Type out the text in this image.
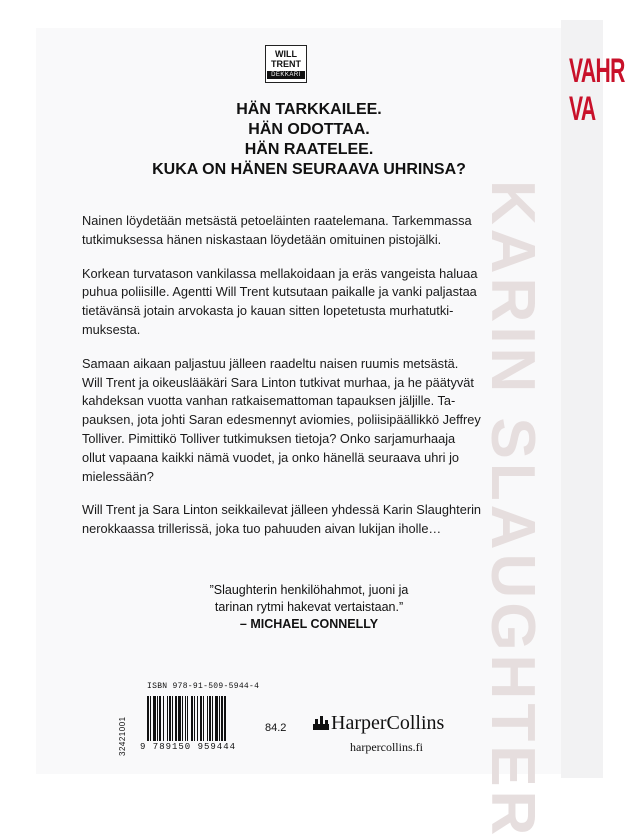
VAHR
VA
KARIN SLAUGHTER
WILL
TRENT
DEKKARI
HÄN TARKKAILEE.
HÄN ODOTTAA.
HÄN RAATELEE.
KUKA ON HÄNEN SEURAAVA UHRINSA?

Nainen löydetään metsästä petoeläinten raatelemana. Tarkemmassa tutkimuksessa hänen niskastaan löydetään omituinen pistojälki.

Korkean turvatason vankilassa mellakoidaan ja eräs vangeista haluaa puhua poliisille. Agentti Will Trent kutsutaan paikalle ja vanki paljastaa tietävänsä jotain arvokasta jo kauan sitten lopetetusta murhatutkimuksesta.

Samaan aikaan paljastuu jälleen raadeltu naisen ruumis metsästä. Will Trent ja oikeuslääkäri Sara Linton tutkivat murhaa, ja he päätyvät kahdeksan vuotta vanhan ratkaisemattoman tapauksen jäljille. Tapauksen, jota johti Saran edesmennyt aviomies, poliisipäällikkö Jeffrey Tolliver. Pimittikö Tolliver tutkimuksen tietoja? Onko sarjamurhaaja ollut vapaana kaikki nämä vuodet, ja onko hänellä seuraava uhri jo mielessään?

Will Trent ja Sara Linton seikkailevat jälleen yhdessä Karin Slaughterin nerokkaassa trillerissä, joka tuo pahuuden aivan lukijan iholle…

”Slaughterin henkilöhahmot, juoni ja
tarinan rytmi hakevat vertaistaan.”
– MICHAEL CONNELLY
32421001
ISBN 978-91-509-5944-4
9 789150 959444
84.2	HarperCollins
harpercollins.fi
